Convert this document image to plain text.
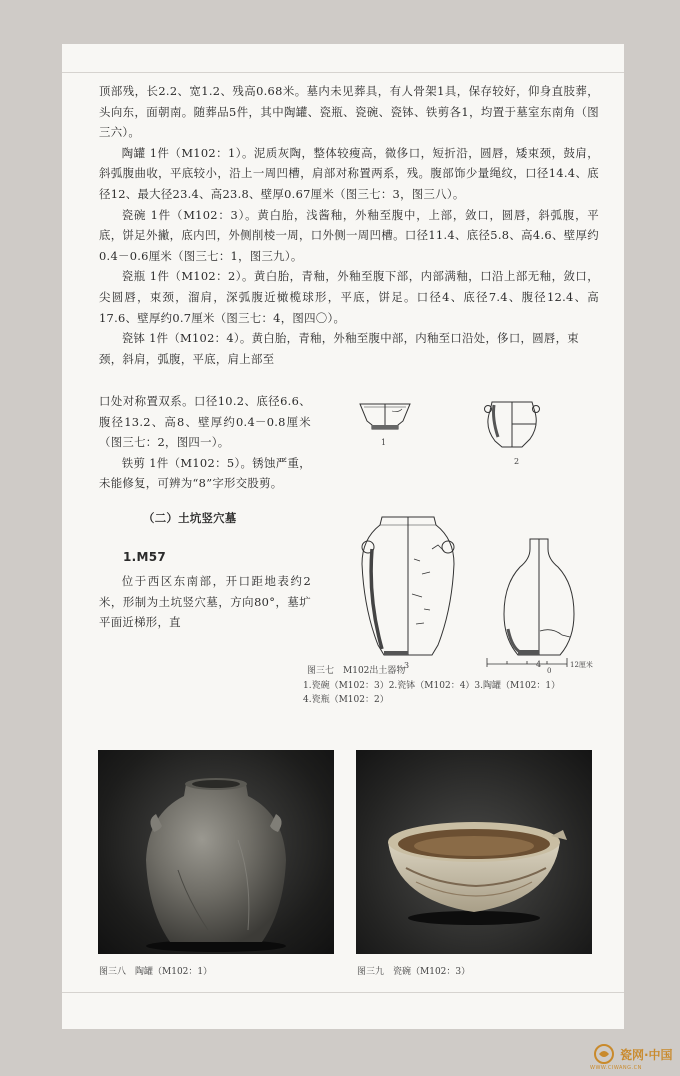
顶部残，长2.2、宽1.2、残高0.68米。墓内未见葬具，有人骨架1具，保存较好，仰身直肢葬，头向东，面朝南。随葬品5件，其中陶罐、瓷瓶、瓷碗、瓷钵、铁剪各1，均置于墓室东南角（图三六）。

陶罐 1件（M102：1）。泥质灰陶，整体较瘦高，微侈口，短折沿，圆唇，矮束颈，鼓肩，斜弧腹曲收，平底较小，沿上一周凹槽，肩部对称置两系，残。腹部饰少量绳纹，口径14.4、底径12、最大径23.4、高23.8、壁厚0.67厘米（图三七：3，图三八）。

瓷碗 1件（M102：3）。黄白胎，浅酱釉，外釉至腹中，上部，敛口，圆唇，斜弧腹，平底，饼足外撇，底内凹，外侧削棱一周，口外侧一周凹槽。口径11.4、底径5.8、高4.6、壁厚约0.4－0.6厘米（图三七：1，图三九）。

瓷瓶 1件（M102：2）。黄白胎，青釉，外釉至腹下部，内部满釉，口沿上部无釉，敛口，尖圆唇，束颈，溜肩，深弧腹近橄榄球形，平底，饼足。口径4、底径7.4、腹径12.4、高17.6、壁厚约0.7厘米（图三七：4，图四〇）。

瓷钵 1件（M102：4）。黄白胎，青釉，外釉至腹中部，内釉至口沿处，侈口，圆唇，束颈，斜肩，弧腹，平底，肩上部至

口处对称置双系。口径10.2、底径6.6、腹径13.2、高8、壁厚约0.4－0.8厘米（图三七：2，图四一）。

铁剪 1件（M102：5）。锈蚀严重，未能修复，可辨为“8”字形交股剪。

（二）土坑竖穴墓
1.M57

位于西区东南部，开口距地表约2米，形制为土坑竖穴墓，方向80°，墓圹平面近梯形，直

1
2
3	4
0
12厘米
图三七　M102出土器物
1.瓷碗（M102：3）2.瓷钵（M102：4）3.陶罐（M102：1）
4.瓷瓶（M102：2）
图三八　陶罐（M102：1）	图三九　瓷碗（M102：3）
瓷网·中国
WWW.CIWANG.CN
